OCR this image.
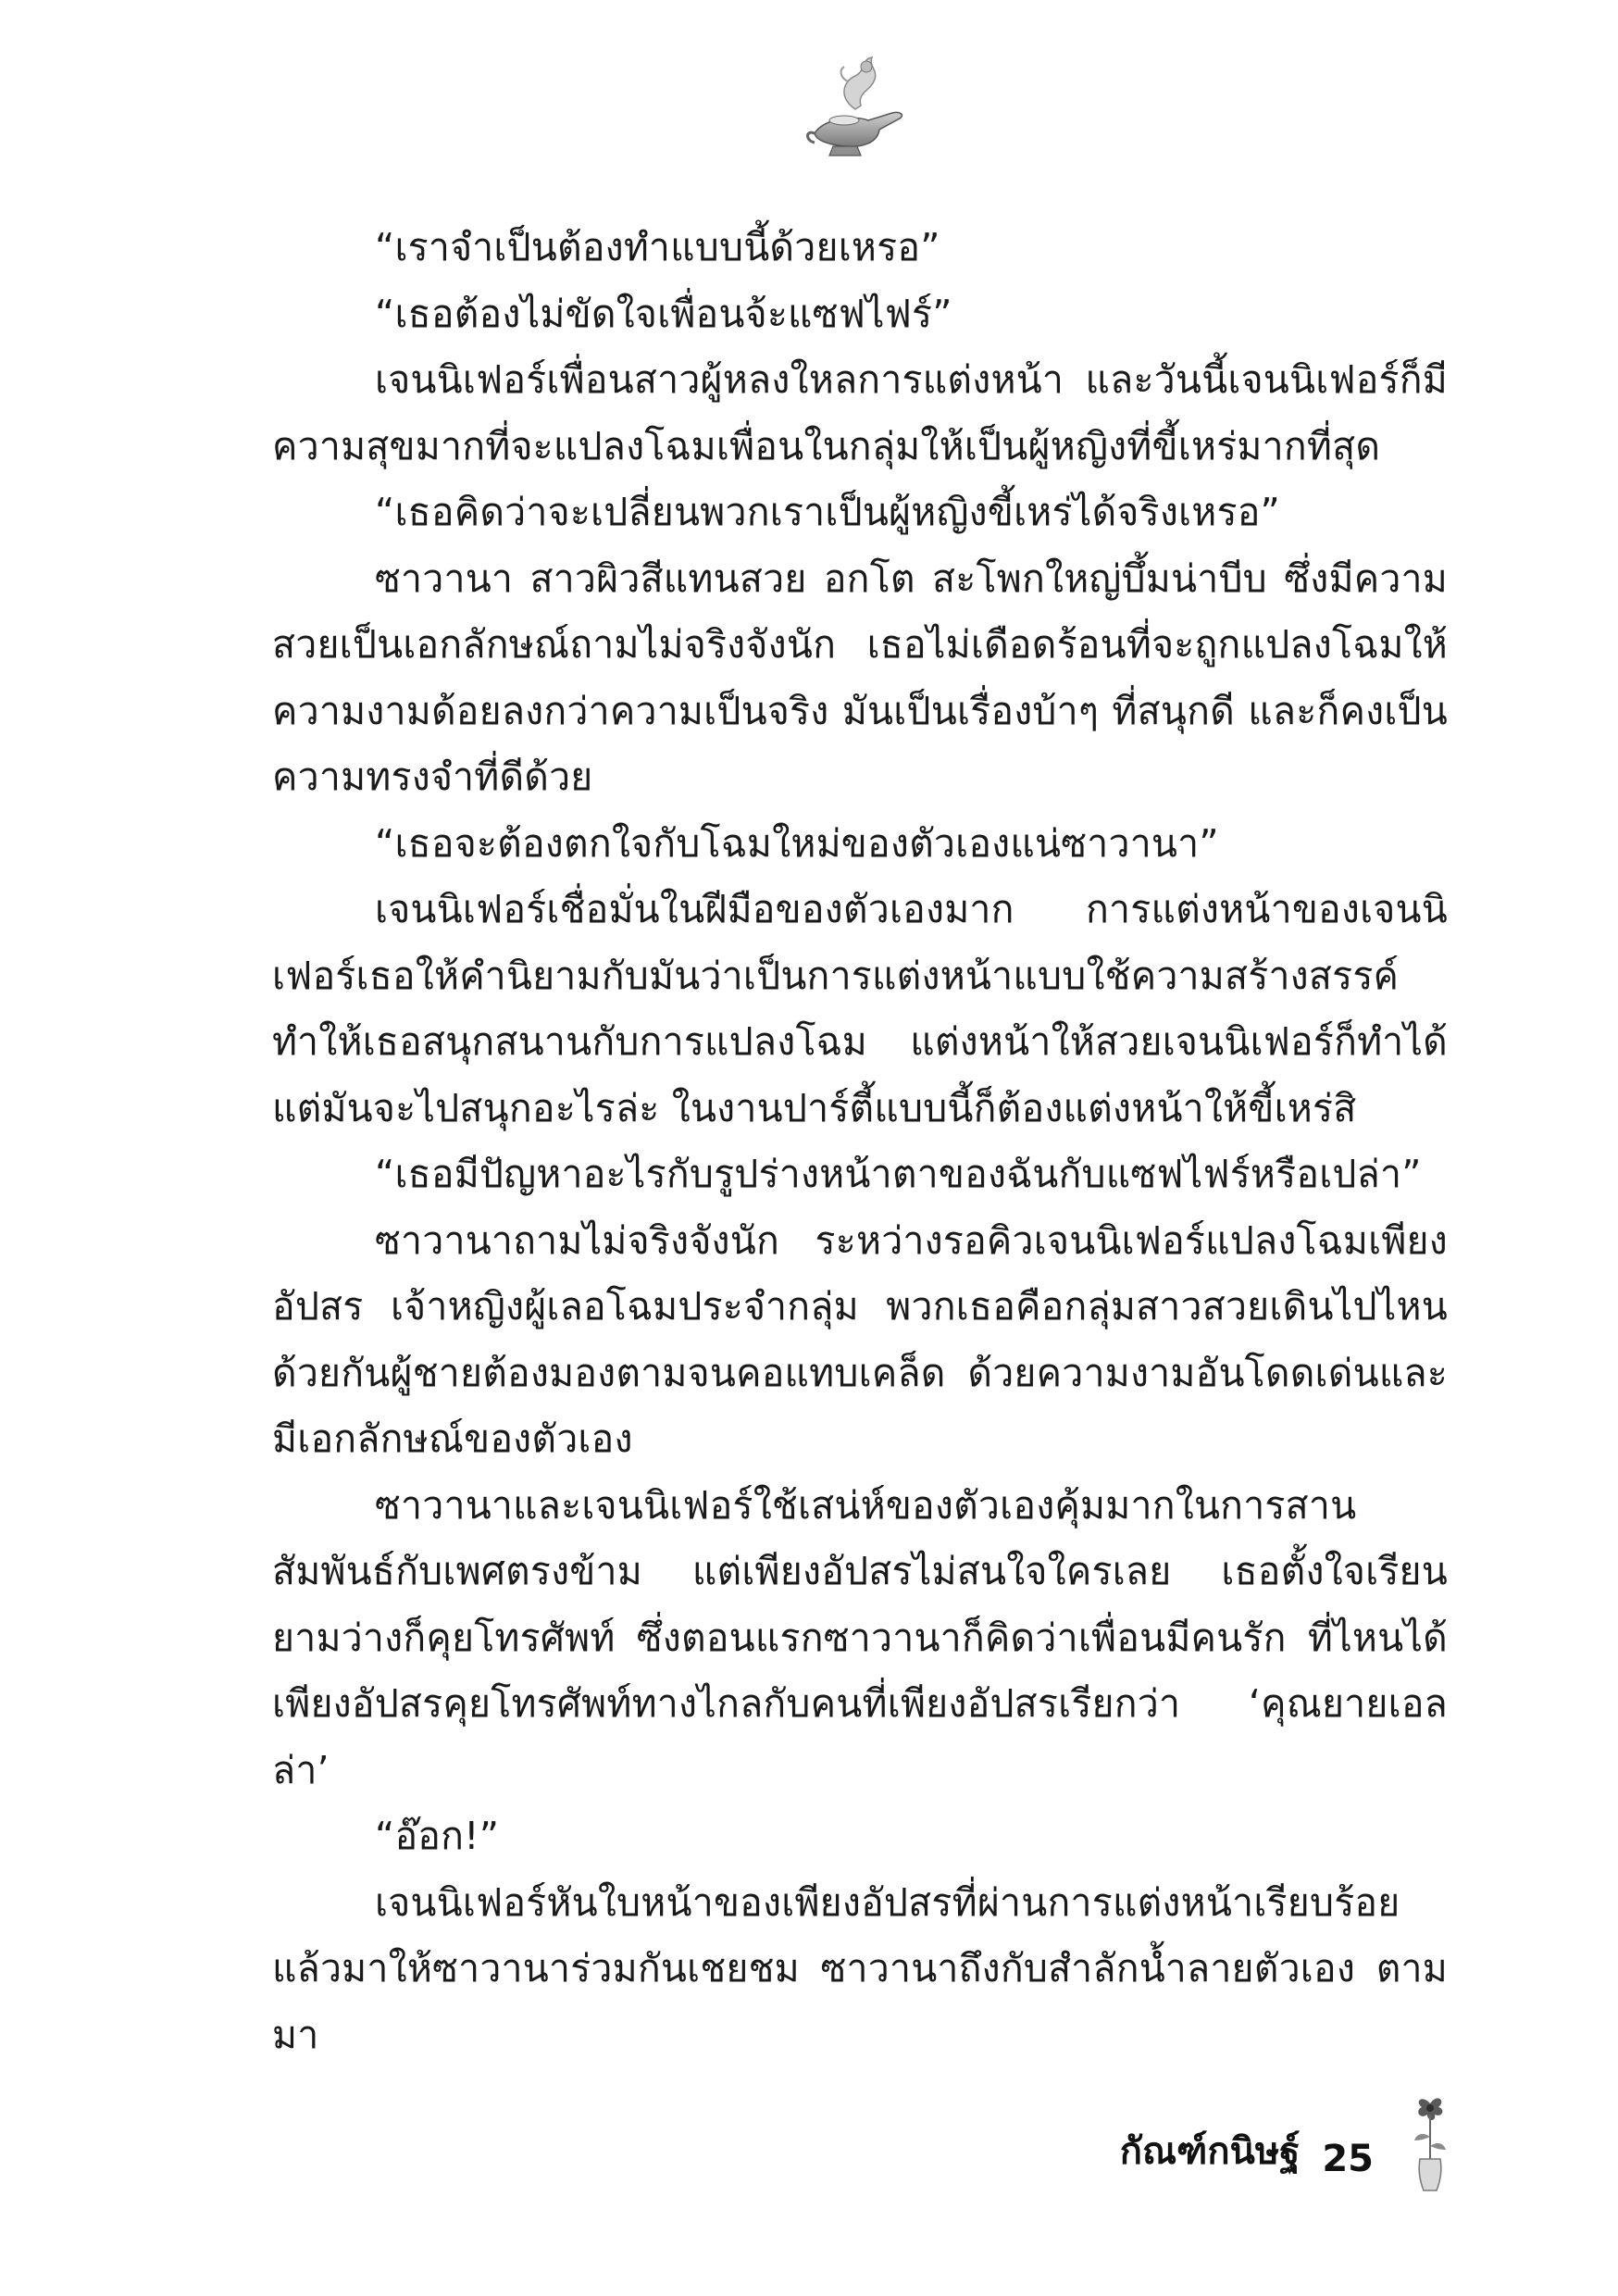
“เราจำเป็นต้องทำแบบนี้ด้วยเหรอ”

“เธอต้องไม่ขัดใจเพื่อนจ้ะแซฟไฟร์”

เจนนิเฟอร์เพื่อนสาวผู้หลงใหลการแต่งหน้า และวันนี้เจนนิเฟอร์ก็มีความสุขมากที่จะแปลงโฉมเพื่อนในกลุ่มให้เป็นผู้หญิงที่ขี้เหร่มากที่สุด

“เธอคิดว่าจะเปลี่ยนพวกเราเป็นผู้หญิงขี้เหร่ได้จริงเหรอ”

ซาวานา สาวผิวสีแทนสวย อกโต สะโพกใหญ่บึ้มน่าบีบ ซึ่งมีความสวยเป็นเอกลักษณ์ถามไม่จริงจังนัก เธอไม่เดือดร้อนที่จะถูกแปลงโฉมให้ความงามด้อยลงกว่าความเป็นจริง มันเป็นเรื่องบ้าๆ ที่สนุกดี และก็คงเป็นความทรงจำที่ดีด้วย

“เธอจะต้องตกใจกับโฉมใหม่ของตัวเองแน่ซาวานา”

เจนนิเฟอร์เชื่อมั่นในฝีมือของตัวเองมาก การแต่งหน้าของเจนนิเฟอร์เธอให้คำนิยามกับมันว่าเป็นการแต่งหน้าแบบใช้ความสร้างสรรค์ ทำให้เธอสนุกสนานกับการแปลงโฉม แต่งหน้าให้สวยเจนนิเฟอร์ก็ทำได้ แต่มันจะไปสนุกอะไรล่ะ ในงานปาร์ตี้แบบนี้ก็ต้องแต่งหน้าให้ขี้เหร่สิ

“เธอมีปัญหาอะไรกับรูปร่างหน้าตาของฉันกับแซฟไฟร์หรือเปล่า”

ซาวานาถามไม่จริงจังนัก ระหว่างรอคิวเจนนิเฟอร์แปลงโฉมเพียงอัปสร เจ้าหญิงผู้เลอโฉมประจำกลุ่ม พวกเธอคือกลุ่มสาวสวยเดินไปไหนด้วยกันผู้ชายต้องมองตามจนคอแทบเคล็ด ด้วยความงามอันโดดเด่นและมีเอกลักษณ์ของตัวเอง

ซาวานาและเจนนิเฟอร์ใช้เสน่ห์ของตัวเองคุ้มมากในการสานสัมพันธ์กับเพศตรงข้าม แต่เพียงอัปสรไม่สนใจใครเลย เธอตั้งใจเรียน ยามว่างก็คุยโทรศัพท์ ซึ่งตอนแรกซาวานาก็คิดว่าเพื่อนมีคนรัก ที่ไหนได้ เพียงอัปสรคุยโทรศัพท์ทางไกลกับคนที่เพียงอัปสรเรียกว่า ‘คุณยายเอลล่า’

“อ๊อก!”

เจนนิเฟอร์หันใบหน้าของเพียงอัปสรที่ผ่านการแต่งหน้าเรียบร้อยแล้วมาให้ซาวานาร่วมกันเชยชม ซาวานาถึงกับสำลักน้ำลายตัวเอง ตามมา

กัณฑ์กนิษฐ์ 25
